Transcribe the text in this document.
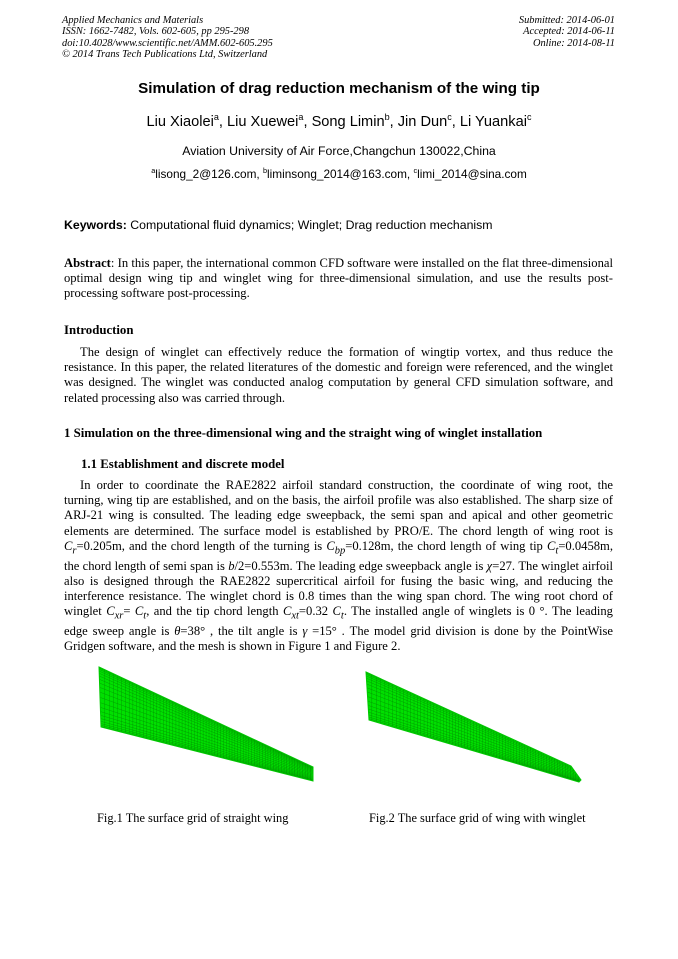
Applied Mechanics and Materials
ISSN: 1662-7482, Vols. 602-605, pp 295-298
doi:10.4028/www.scientific.net/AMM.602-605.295
© 2014 Trans Tech Publications Ltd, Switzerland
Submitted: 2014-06-01
Accepted: 2014-06-11
Online: 2014-08-11
Simulation of drag reduction mechanism of the wing tip
Liu Xiaolei$^a$, Liu Xuewei$^a$, Song Limin$^b$, Jin Dun$^c$, Li Yuankai$^c$
Aviation University of Air Force,Changchun 130022,China
$^a$lisong_2@126.com, $^b$liminsong_2014@163.com, $^c$limi_2014@sina.com
Keywords: Computational fluid dynamics; Winglet; Drag reduction mechanism
Abstract: In this paper, the international common CFD software were installed on the flat three-dimensional optimal design wing tip and winglet wing for three-dimensional simulation, and use the results post-processing software post-processing.
Introduction
The design of winglet can effectively reduce the formation of wingtip vortex, and thus reduce the resistance. In this paper, the related literatures of the domestic and foreign were referenced, and the winglet was designed. The winglet was conducted analog computation by general CFD simulation software, and related processing also was carried through.
1 Simulation on the three-dimensional wing and the straight wing of winglet installation
1.1 Establishment and discrete model
In order to coordinate the RAE2822 airfoil standard construction, the coordinate of wing root, the turning, wing tip are established, and on the basis, the airfoil profile was also established. The sharp size of ARJ-21 wing is consulted. The leading edge sweepback, the semi span and apical and other geometric elements are determined. The surface model is established by PRO/E. The chord length of wing root is $C_r=0.205m$, and the chord length of the turning is $C_{bp}=0.128m$, the chord length of wing tip $C_t=0.0458m$, the chord length of semi span is b/2=0.553m. The leading edge sweepback angle is χ=27. The winglet airfoil also is designed through the RAE2822 supercritical airfoil for fusing the basic wing, and reducing the interference resistance. The winglet chord is 0.8 times than the wing span chord. The wing root chord of winglet $C_{xr}= C_t$, and the tip chord length $C_{xt}=0.32$ $C_t$. The installed angle of winglets is 0 °. The leading edge sweep angle is θ=38° , the tilt angle is γ =15° . The model grid division is done by the PointWise Gridgen software, and the mesh is shown in Figure 1 and Figure 2.
Fig.1 The surface grid of straight wing	Fig.2 The surface grid of wing with winglet
